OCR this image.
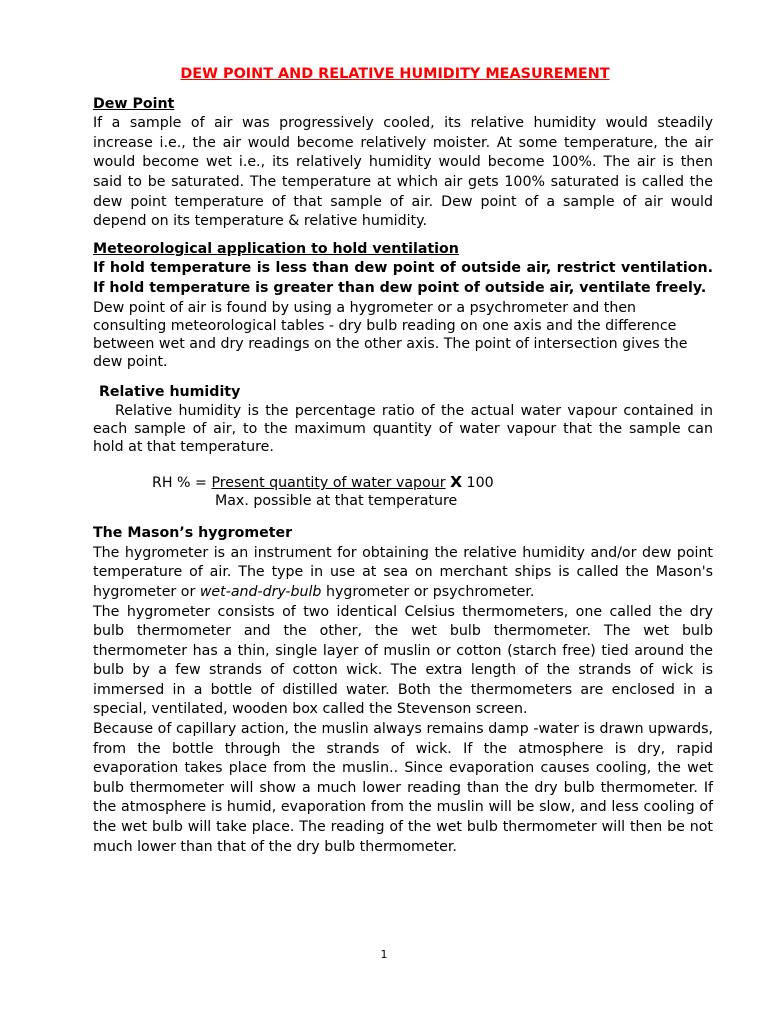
DEW POINT AND RELATIVE HUMIDITY MEASUREMENT
Dew Point

If a sample of air was progressively cooled, its relative humidity would steadily increase i.e., the air would become relatively moister. At some temperature, the air would become wet i.e., its relatively humidity would become 100%. The air is then said to be saturated. The temperature at which air gets 100% saturated is called the dew point temperature of that sample of air. Dew point of a sample of air would depend on its temperature & relative humidity.

Meteorological application to hold ventilation

If hold temperature is less than dew point of outside air, restrict ventilation. If hold temperature is greater than dew point of outside air, ventilate freely.

Dew point of air is found by using a hygrometer or a psychrometer and then consulting meteorological tables - dry bulb reading on one axis and the difference between wet and dry readings on the other axis. The point of intersection gives the dew point.

Relative humidity

Relative humidity is the percentage ratio of the actual water vapour contained in each sample of air, to the maximum quantity of water vapour that the sample can hold at that temperature.

RH % = Present quantity of water vapour X 100
Max. possible at that temperature
The Mason’s hygrometer

The hygrometer is an instrument for obtaining the relative humidity and/or dew point temperature of air. The type in use at sea on merchant ships is called the Mason's hygrometer or wet-and-dry-bulb hygrometer or psychrometer.

The hygrometer consists of two identical Celsius thermometers, one called the dry bulb thermometer and the other, the wet bulb thermometer. The wet bulb thermometer has a thin, single layer of muslin or cotton (starch free) tied around the bulb by a few strands of cotton wick. The extra length of the strands of wick is immersed in a bottle of distilled water. Both the thermometers are enclosed in a special, ventilated, wooden box called the Stevenson screen.

Because of capillary action, the muslin always remains damp -water is drawn upwards, from the bottle through the strands of wick. If the atmosphere is dry, rapid evaporation takes place from the muslin.. Since evaporation causes cooling, the wet bulb thermometer will show a much lower reading than the dry bulb thermometer. If the atmosphere is humid, evaporation from the muslin will be slow, and less cooling of the wet bulb will take place. The reading of the wet bulb thermometer will then be not much lower than that of the dry bulb thermometer.

1
